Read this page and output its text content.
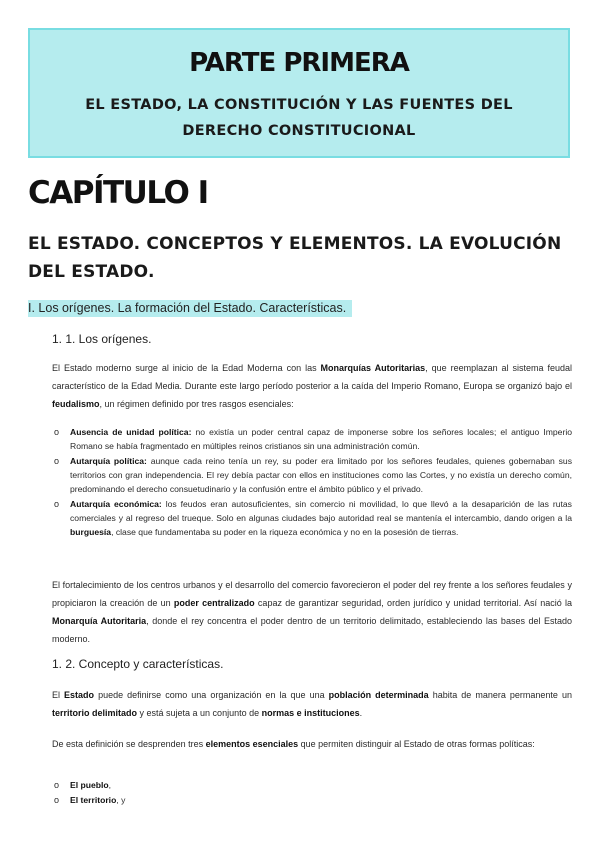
PARTE PRIMERA
EL ESTADO, LA CONSTITUCIÓN Y LAS FUENTES DEL DERECHO CONSTITUCIONAL
CAPÍTULO I
EL ESTADO. CONCEPTOS Y ELEMENTOS. LA EVOLUCIÓN DEL ESTADO.
I. Los orígenes. La formación del Estado. Características.
1. 1. Los orígenes.

El Estado moderno surge al inicio de la Edad Moderna con las Monarquías Autoritarias, que reemplazan al sistema feudal característico de la Edad Media. Durante este largo período posterior a la caída del Imperio Romano, Europa se organizó bajo el feudalismo, un régimen definido por tres rasgos esenciales:

o Ausencia de unidad política: no existía un poder central capaz de imponerse sobre los señores locales; el antiguo Imperio Romano se había fragmentado en múltiples reinos cristianos sin una administración común.
o Autarquía política: aunque cada reino tenía un rey, su poder era limitado por los señores feudales, quienes gobernaban sus territorios con gran independencia. El rey debía pactar con ellos en instituciones como las Cortes, y no existía un derecho común, predominando el derecho consuetudinario y la confusión entre el ámbito público y el privado.
o Autarquía económica: los feudos eran autosuficientes, sin comercio ni movilidad, lo que llevó a la desaparición de las rutas comerciales y al regreso del trueque. Solo en algunas ciudades bajo autoridad real se mantenía el intercambio, dando origen a la burguesía, clase que fundamentaba su poder en la riqueza económica y no en la posesión de tierras.

El fortalecimiento de los centros urbanos y el desarrollo del comercio favorecieron el poder del rey frente a los señores feudales y propiciaron la creación de un poder centralizado capaz de garantizar seguridad, orden jurídico y unidad territorial. Así nació la Monarquía Autoritaria, donde el rey concentra el poder dentro de un territorio delimitado, estableciendo las bases del Estado moderno.

1. 2. Concepto y características.

El Estado puede definirse como una organización en la que una población determinada habita de manera permanente un territorio delimitado y está sujeta a un conjunto de normas e instituciones.

De esta definición se desprenden tres elementos esenciales que permiten distinguir al Estado de otras formas políticas:

o El pueblo,
o El territorio, y
